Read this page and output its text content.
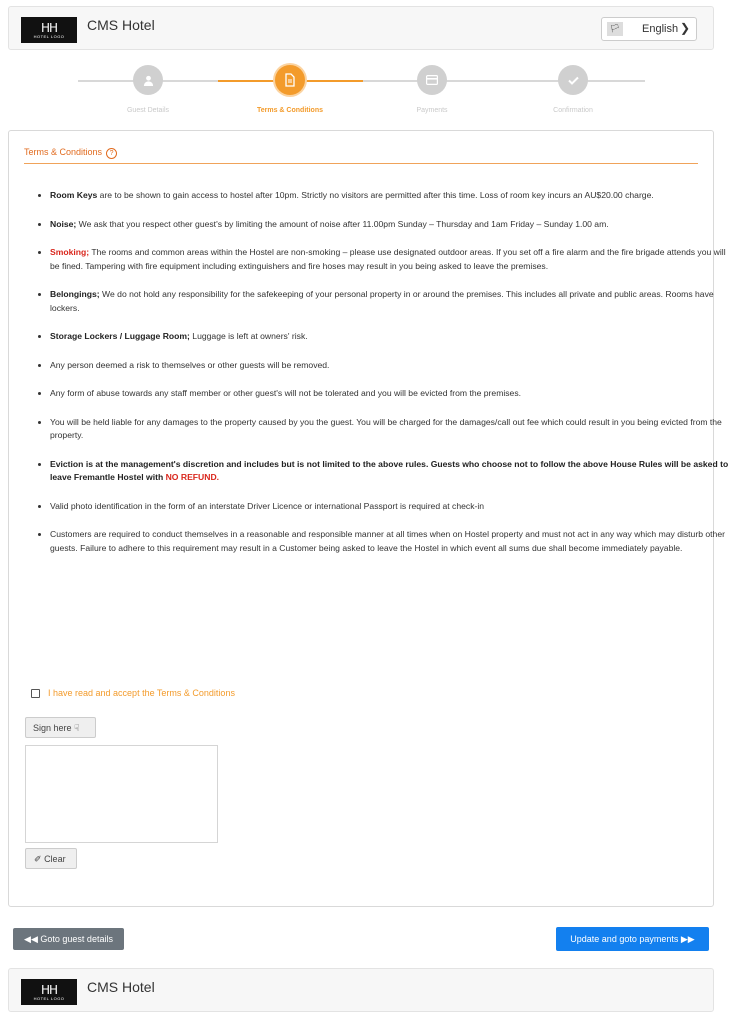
HH
HOTEL LOGO
CMS Hotel	🏳 English ❯
Guest Details	Terms & Conditions	Payments	Confirmation
Terms & Conditions ?
• Room Keys are to be shown to gain access to hostel after 10pm. Strictly no visitors are permitted after this time. Loss of room key incurs an AU$20.00 charge.
• Noise; We ask that you respect other guest's by limiting the amount of noise after 11.00pm Sunday – Thursday and 1am Friday – Sunday 1.00 am.
• Smoking; The rooms and common areas within the Hostel are non-smoking – please use designated outdoor areas. If you set off a fire alarm and the fire brigade attends you will be fined. Tampering with fire equipment including extinguishers and fire hoses may result in you being asked to leave the premises.
• Belongings; We do not hold any responsibility for the safekeeping of your personal property in or around the premises. This includes all private and public areas. Rooms have lockers.
• Storage Lockers / Luggage Room; Luggage is left at owners' risk.
• Any person deemed a risk to themselves or other guests will be removed.
• Any form of abuse towards any staff member or other guest's will not be tolerated and you will be evicted from the premises.
• You will be held liable for any damages to the property caused by you the guest. You will be charged for the damages/call out fee which could result in you being evicted from the property.
• Eviction is at the management's discretion and includes but is not limited to the above rules. Guests who choose not to follow the above House Rules will be asked to leave Fremantle Hostel with NO REFUND.
• Valid photo identification in the form of an interstate Driver Licence or international Passport is required at check-in
• Customers are required to conduct themselves in a reasonable and responsible manner at all times when on Hostel property and must not act in any way which may disturb other guests. Failure to adhere to this requirement may result in a Customer being asked to leave the Hostel in which event all sums due shall become immediately payable.
I have read and accept the Terms & Conditions
Sign here ☟
✐ Clear
◀◀ Goto guest details	Update and goto payments ▶▶
HH
HOTEL LOGO
CMS Hotel
